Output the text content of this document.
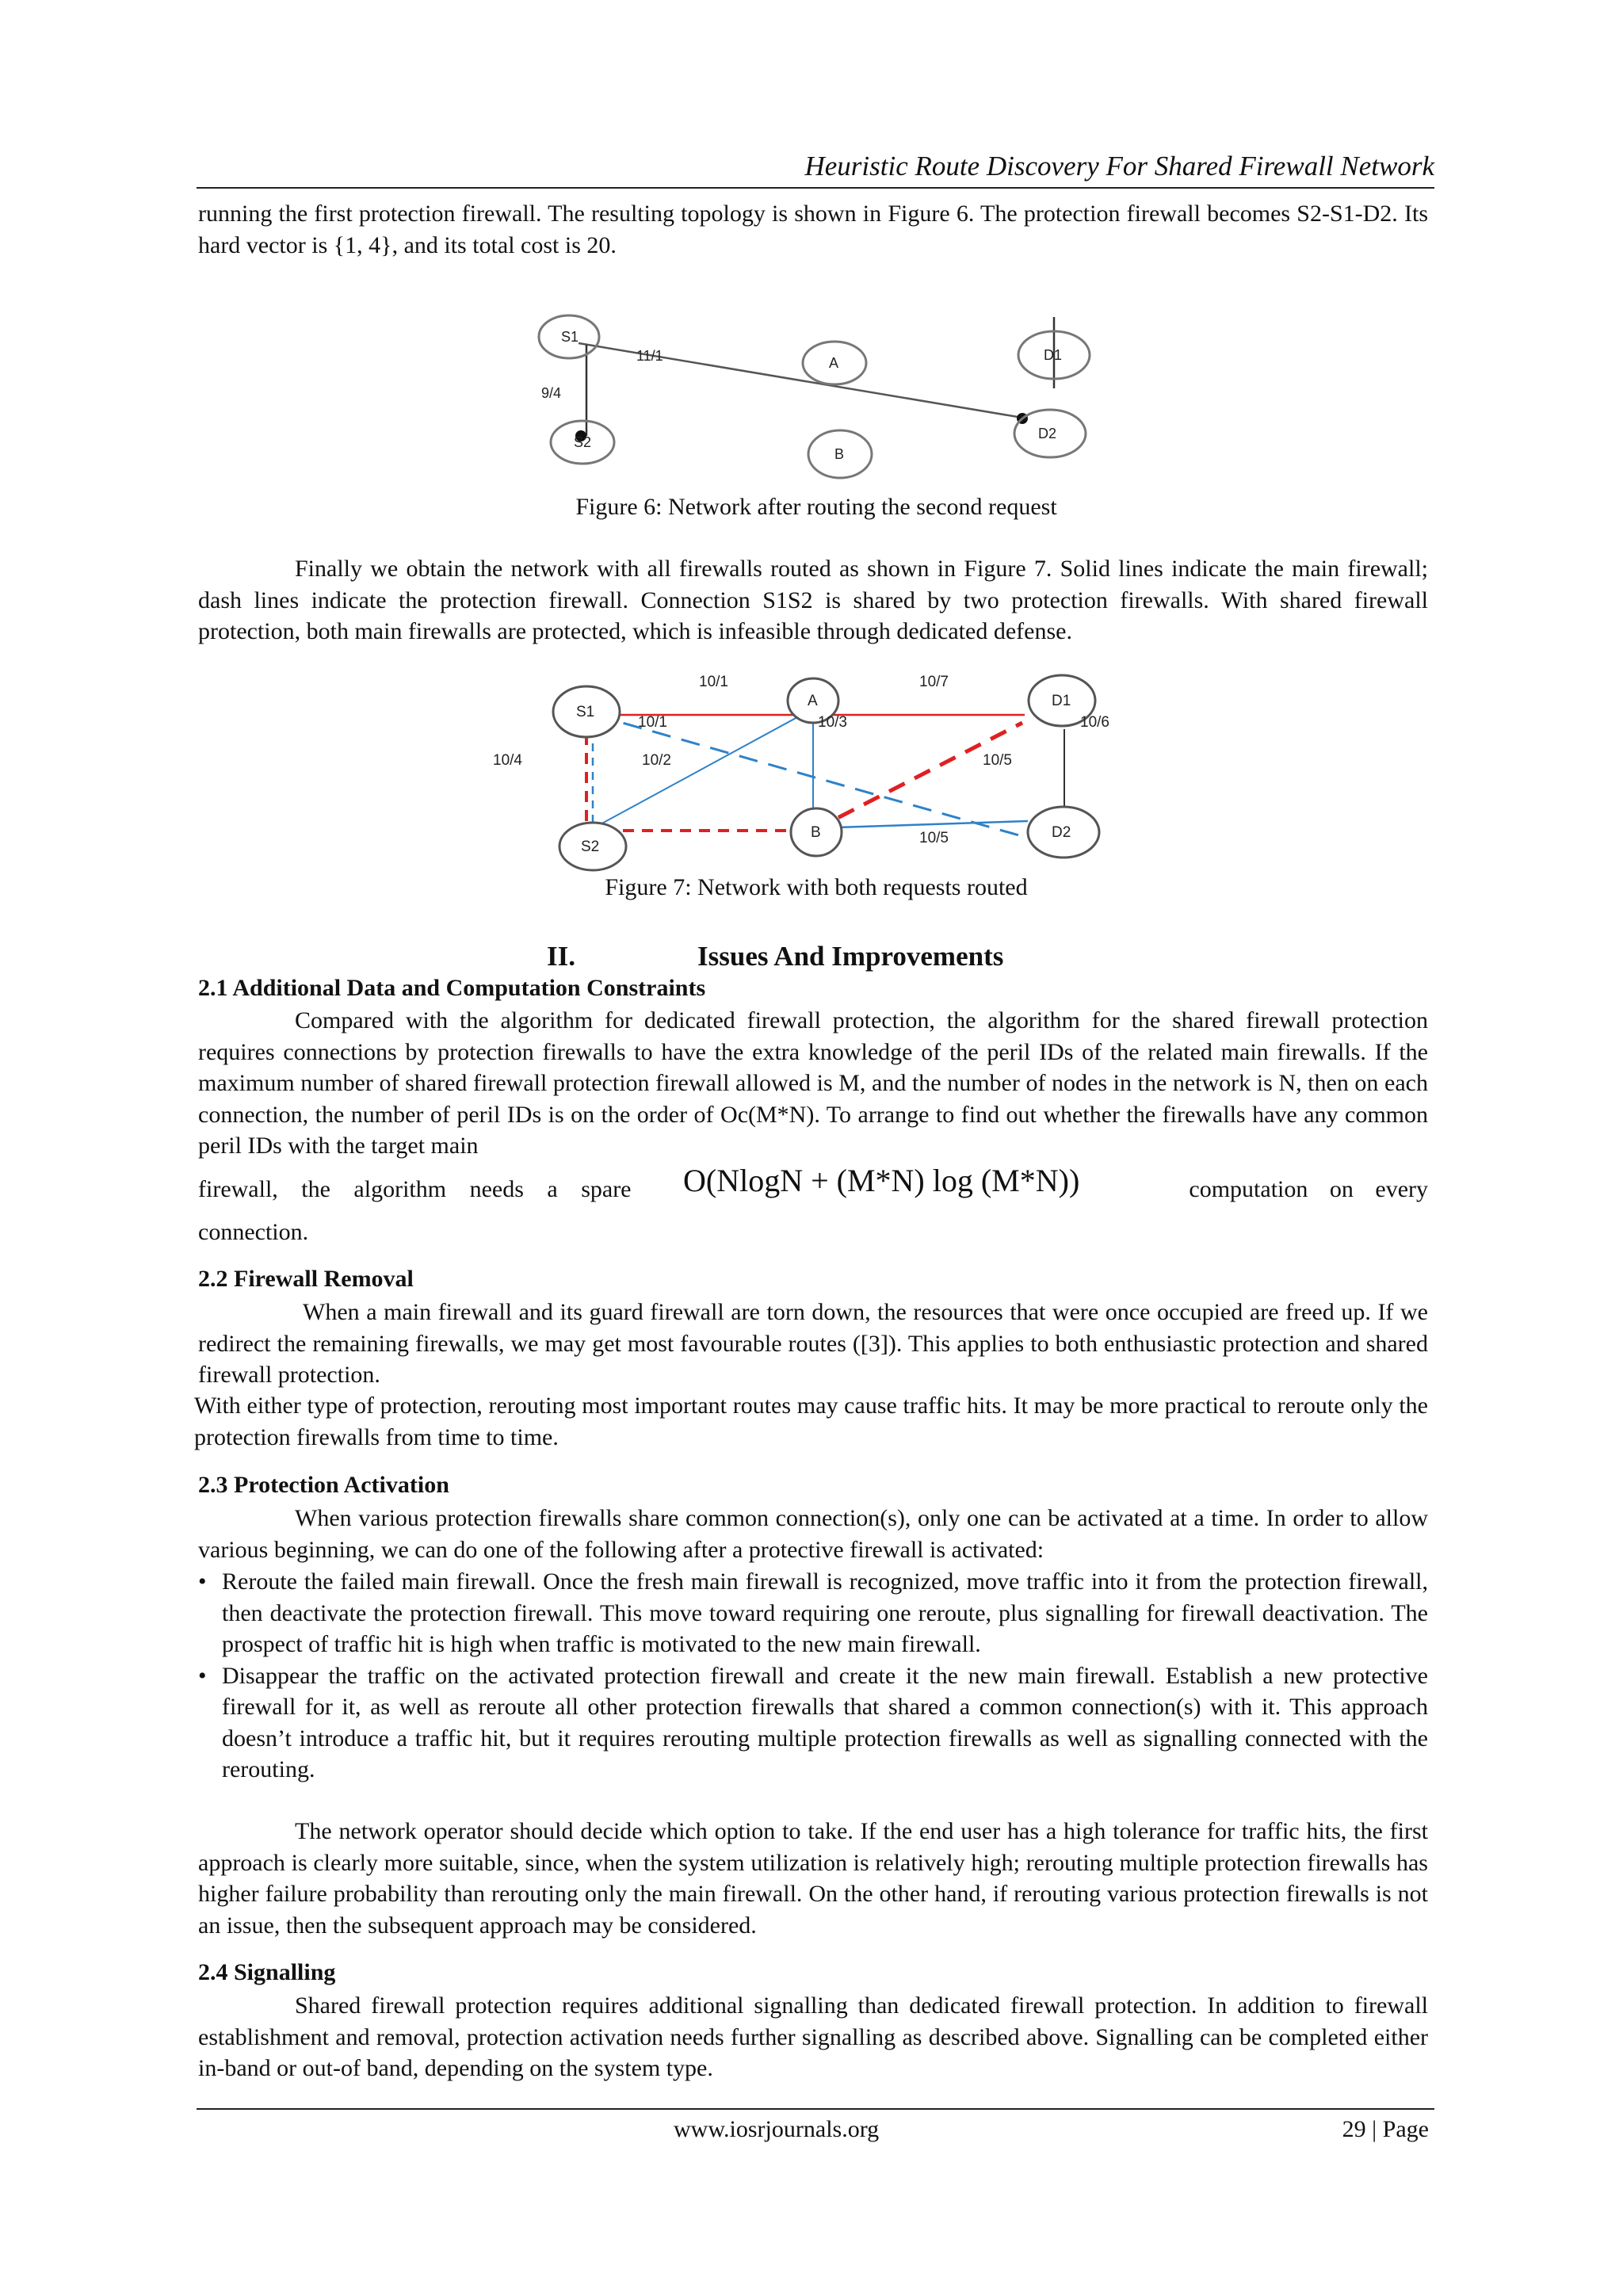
Heuristic Route Discovery For Shared Firewall Network

running the first protection firewall. The resulting topology is shown in Figure 6. The protection firewall becomes S2-S1-D2. Its hard vector is {1, 4}, and its total cost is 20.

S1
S2
A
B
D1
D2
11/1
9/4
Figure 6: Network after routing the second request

Finally we obtain the network with all firewalls routed as shown in Figure 7. Solid lines indicate the main firewall; dash lines indicate the protection firewall. Connection S1S2 is shared by two protection firewalls. With shared firewall protection, both main firewalls are protected, which is infeasible through dedicated defense.

S1
S2
A
B
D1
D2
10/1	10/7
10/1	10/3	10/6
10/4	10/2	10/5
10/5
Figure 7: Network with both requests routed
II.	Issues And Improvements
2.1 Additional Data and Computation Constraints

Compared with the algorithm for dedicated firewall protection, the algorithm for the shared firewall protection requires connections by protection firewalls to have the extra knowledge of the peril IDs of the related main firewalls. If the maximum number of shared firewall protection firewall allowed is M, and the number of nodes in the network is N, then on each connection, the number of peril IDs is on the order of Oc(M*N). To arrange to find out whether the firewalls have any common peril IDs with the target main

firewall, the algorithm needs a spare O(NlogN + (M*N) log (M*N))	computation on every

connection.

2.2 Firewall Removal

When a main firewall and its guard firewall are torn down, the resources that were once occupied are freed up. If we redirect the remaining firewalls, we may get most favourable routes ([3]). This applies to both enthusiastic protection and shared firewall protection.

With either type of protection, rerouting most important routes may cause traffic hits. It may be more practical to reroute only the protection firewalls from time to time.

2.3 Protection Activation

When various protection firewalls share common connection(s), only one can be activated at a time. In order to allow various beginning, we can do one of the following after a protective firewall is activated:

• Reroute the failed main firewall. Once the fresh main firewall is recognized, move traffic into it from the protection firewall, then deactivate the protection firewall. This move toward requiring one reroute, plus signalling for firewall deactivation. The prospect of traffic hit is high when traffic is motivated to the new main firewall.
• Disappear the traffic on the activated protection firewall and create it the new main firewall. Establish a new protective firewall for it, as well as reroute all other protection firewalls that shared a common connection(s) with it. This approach doesn’t introduce a traffic hit, but it requires rerouting multiple protection firewalls as well as signalling connected with the rerouting.

The network operator should decide which option to take. If the end user has a high tolerance for traffic hits, the first approach is clearly more suitable, since, when the system utilization is relatively high; rerouting multiple protection firewalls has higher failure probability than rerouting only the main firewall. On the other hand, if rerouting various protection firewalls is not an issue, then the subsequent approach may be considered.

2.4 Signalling

Shared firewall protection requires additional signalling than dedicated firewall protection. In addition to firewall establishment and removal, protection activation needs further signalling as described above. Signalling can be completed either in-band or out-of band, depending on the system type.

www.iosrjournals.org	29 | Page
